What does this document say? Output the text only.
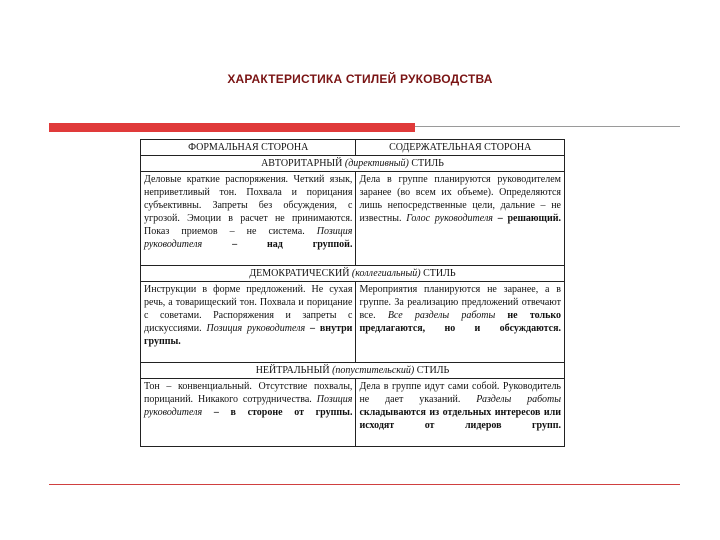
ХАРАКТЕРИСТИКА СТИЛЕЙ РУКОВОДСТВА
ФОРМАЛЬНАЯ СТОРОНА	СОДЕРЖАТЕЛЬНАЯ СТОРОНА
АВТОРИТАРНЫЙ (директивный) СТИЛЬ	
Деловые краткие распоряжения. Четкий язык, неприветливый тон. Похвала и порицания субъективны. Запреты без обсуждения, с угрозой. Эмоции в расчет не принимаются. Показ приемов – не система. Позиция руководителя – над группой.	Дела в группе планируются руководителем заранее (во всем их объеме). Определяются лишь непосредственные цели, дальние – не известны. Голос руководителя – решающий.
ДЕМОКРАТИЧЕСКИЙ (коллегиальный) СТИЛЬ	
Инструкции в форме предложений. Не сухая речь, а товарищеский тон. Похвала и порицание с советами. Распоряжения и запреты с дискуссиями. Позиция руководителя – внутри группы.	Мероприятия планируются не заранее, а в группе. За реализацию предложений отвечают все. Все разделы работы не только предлагаются, но и обсуждаются.
НЕЙТРАЛЬНЫЙ (попустительский) СТИЛЬ	
Тон – конвенциальный. Отсутствие похвалы, порицаний. Никакого сотрудничества. Позиция руководителя – в стороне от группы.	Дела в группе идут сами собой. Руководитель не дает указаний. Разделы работы складываются из отдельных интересов или исходят от лидеров групп.
